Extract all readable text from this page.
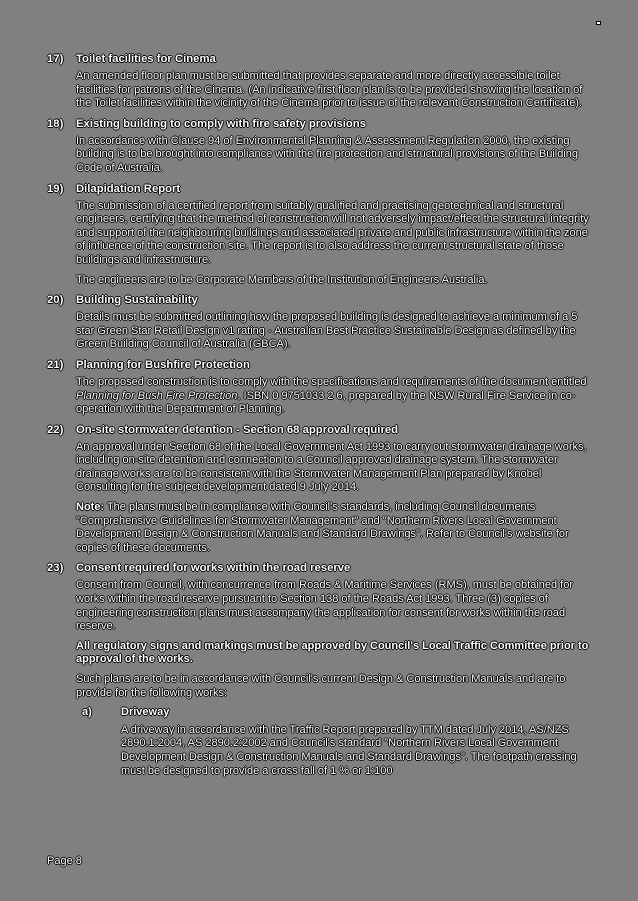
17)	Toilet facilities for Cinema
An amended floor plan must be submitted that provides separate and more directly accessible toilet facilities for patrons of the Cinema. (An indicative first floor plan is to be provided showing the location of the Toilet facilities within the vicinity of the Cinema prior to issue of the relevant Construction Certificate).
18)	Existing building to comply with fire safety provisions
In accordance with Clause 94 of Environmental Planning & Assessment Regulation 2000, the existing building is to be brought into compliance with the fire protection and structural provisions of the Building Code of Australia.
19)	Dilapidation Report
The submission of a certified report from suitably qualified and practising geotechnical and structural engineers, certifying that the method of construction will not adversely impact/effect the structural integrity and support of the neighbouring buildings and associated private and public infrastructure within the zone of influence of the construction site. The report is to also address the current structural state of those buildings and infrastructure.
The engineers are to be Corporate Members of the Institution of Engineers Australia.
20)	Building Sustainability
Details must be submitted outlining how the proposed building is designed to achieve a minimum of a 5 star Green Star Retail Design v1 rating - Australian Best Practice Sustainable Design as defined by the Green Building Council of Australia (GBCA).
21)	Planning for Bushfire Protection
The proposed construction is to comply with the specifications and requirements of the document entitled Planning for Bush Fire Protection, ISBN 0 9751033 2 6, prepared by the NSW Rural Fire Service in co-operation with the Department of Planning.
22)	On-site stormwater detention - Section 68 approval required
An approval under Section 68 of the Local Government Act 1993 to carry out stormwater drainage works, including on-site detention and connection to a Council approved drainage system. The stormwater drainage works are to be consistent with the Stormwater Management Plan prepared by Knobel Consulting for the subject development dated 9 July 2014.
Note: The plans must be in compliance with Council's standards, including Council documents "Comprehensive Guidelines for Stormwater Management" and "Northern Rivers Local Government Development Design & Construction Manuals and Standard Drawings". Refer to Council's website for copies of these documents.
23)	Consent required for works within the road reserve
Consent from Council, with concurrence from Roads & Maritime Services (RMS), must be obtained for works within the road reserve pursuant to Section 138 of the Roads Act 1993. Three (3) copies of engineering construction plans must accompany the application for consent for works within the road reserve.
All regulatory signs and markings must be approved by Council's Local Traffic Committee prior to approval of the works.
Such plans are to be in accordance with Council's current Design & Construction Manuals and are to provide for the following works:
a)	Driveway
A driveway in accordance with the Traffic Report prepared by TTM dated July 2014, AS/NZS 2890.1:2004, AS 2890.2:2002 and Council's standard "Northern Rivers Local Government Development Design & Construction Manuals and Standard Drawings". The footpath crossing must be designed to provide a cross fall of 1 % or 1:100
Page 8
